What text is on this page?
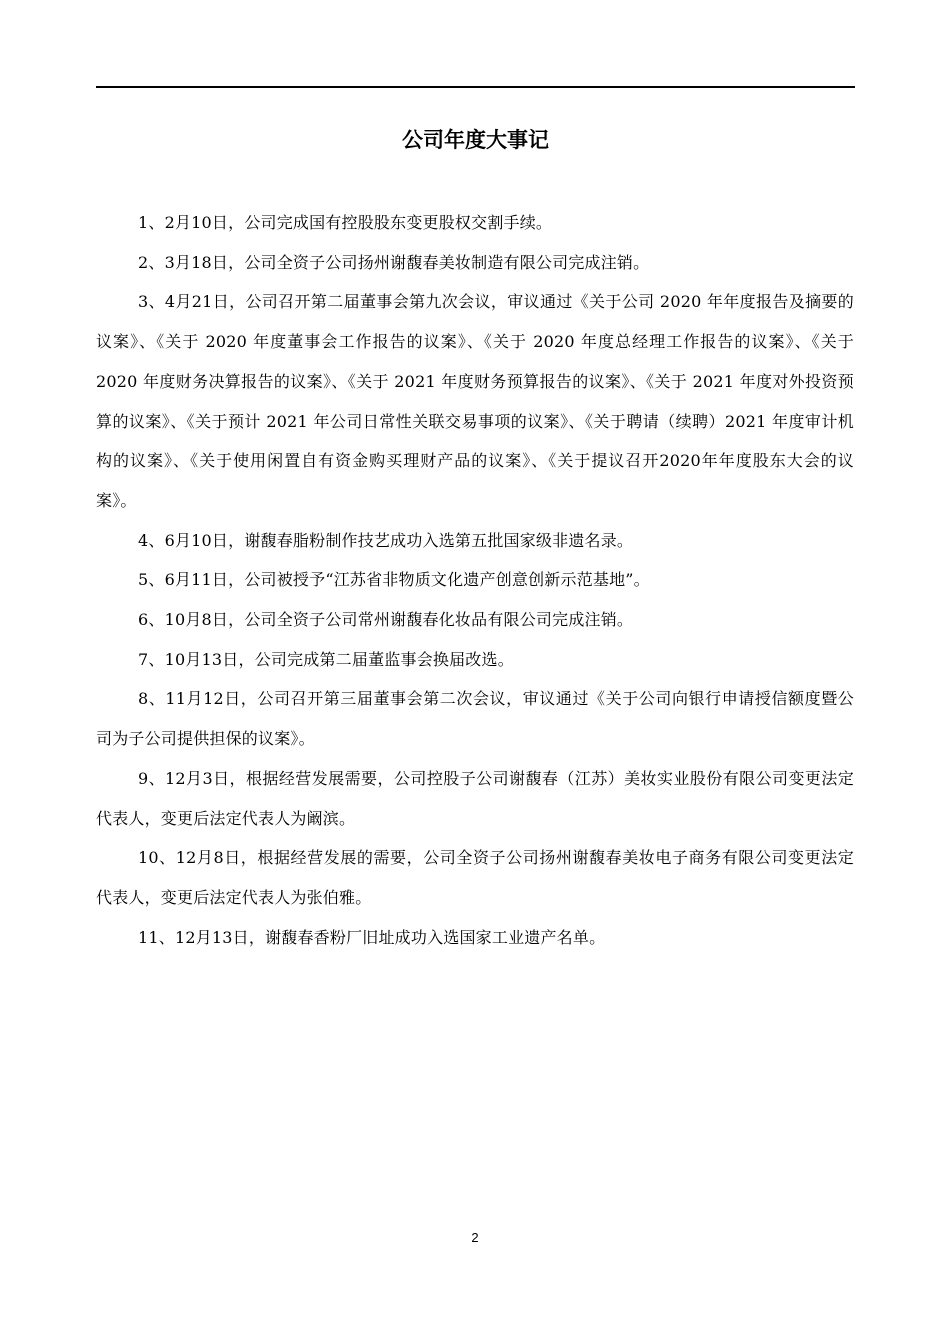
公司年度大事记
1、2月10日，公司完成国有控股股东变更股权交割手续。
2、3月18日，公司全资子公司扬州谢馥春美妆制造有限公司完成注销。
3、4月21日，公司召开第二届董事会第九次会议，审议通过《关于公司 2020 年年度报告及摘要的议案》、《关于 2020 年度董事会工作报告的议案》、《关于 2020 年度总经理工作报告的议案》、《关于 2020 年度财务决算报告的议案》、《关于 2021 年度财务预算报告的议案》、《关于 2021 年度对外投资预算的议案》、《关于预计 2021 年公司日常性关联交易事项的议案》、《关于聘请（续聘）2021 年度审计机构的议案》、《关于使用闲置自有资金购买理财产品的议案》、《关于提议召开2020年年度股东大会的议案》。
4、6月10日，谢馥春脂粉制作技艺成功入选第五批国家级非遗名录。
5、6月11日，公司被授予“江苏省非物质文化遗产创意创新示范基地”。
6、10月8日，公司全资子公司常州谢馥春化妆品有限公司完成注销。
7、10月13日，公司完成第二届董监事会换届改选。
8、11月12日，公司召开第三届董事会第二次会议，审议通过《关于公司向银行申请授信额度暨公司为子公司提供担保的议案》。
9、12月3日，根据经营发展需要，公司控股子公司谢馥春（江苏）美妆实业股份有限公司变更法定代表人，变更后法定代表人为阚滨。
10、12月8日，根据经营发展的需要，公司全资子公司扬州谢馥春美妆电子商务有限公司变更法定代表人，变更后法定代表人为张伯雅。
11、12月13日，谢馥春香粉厂旧址成功入选国家工业遗产名单。
2
